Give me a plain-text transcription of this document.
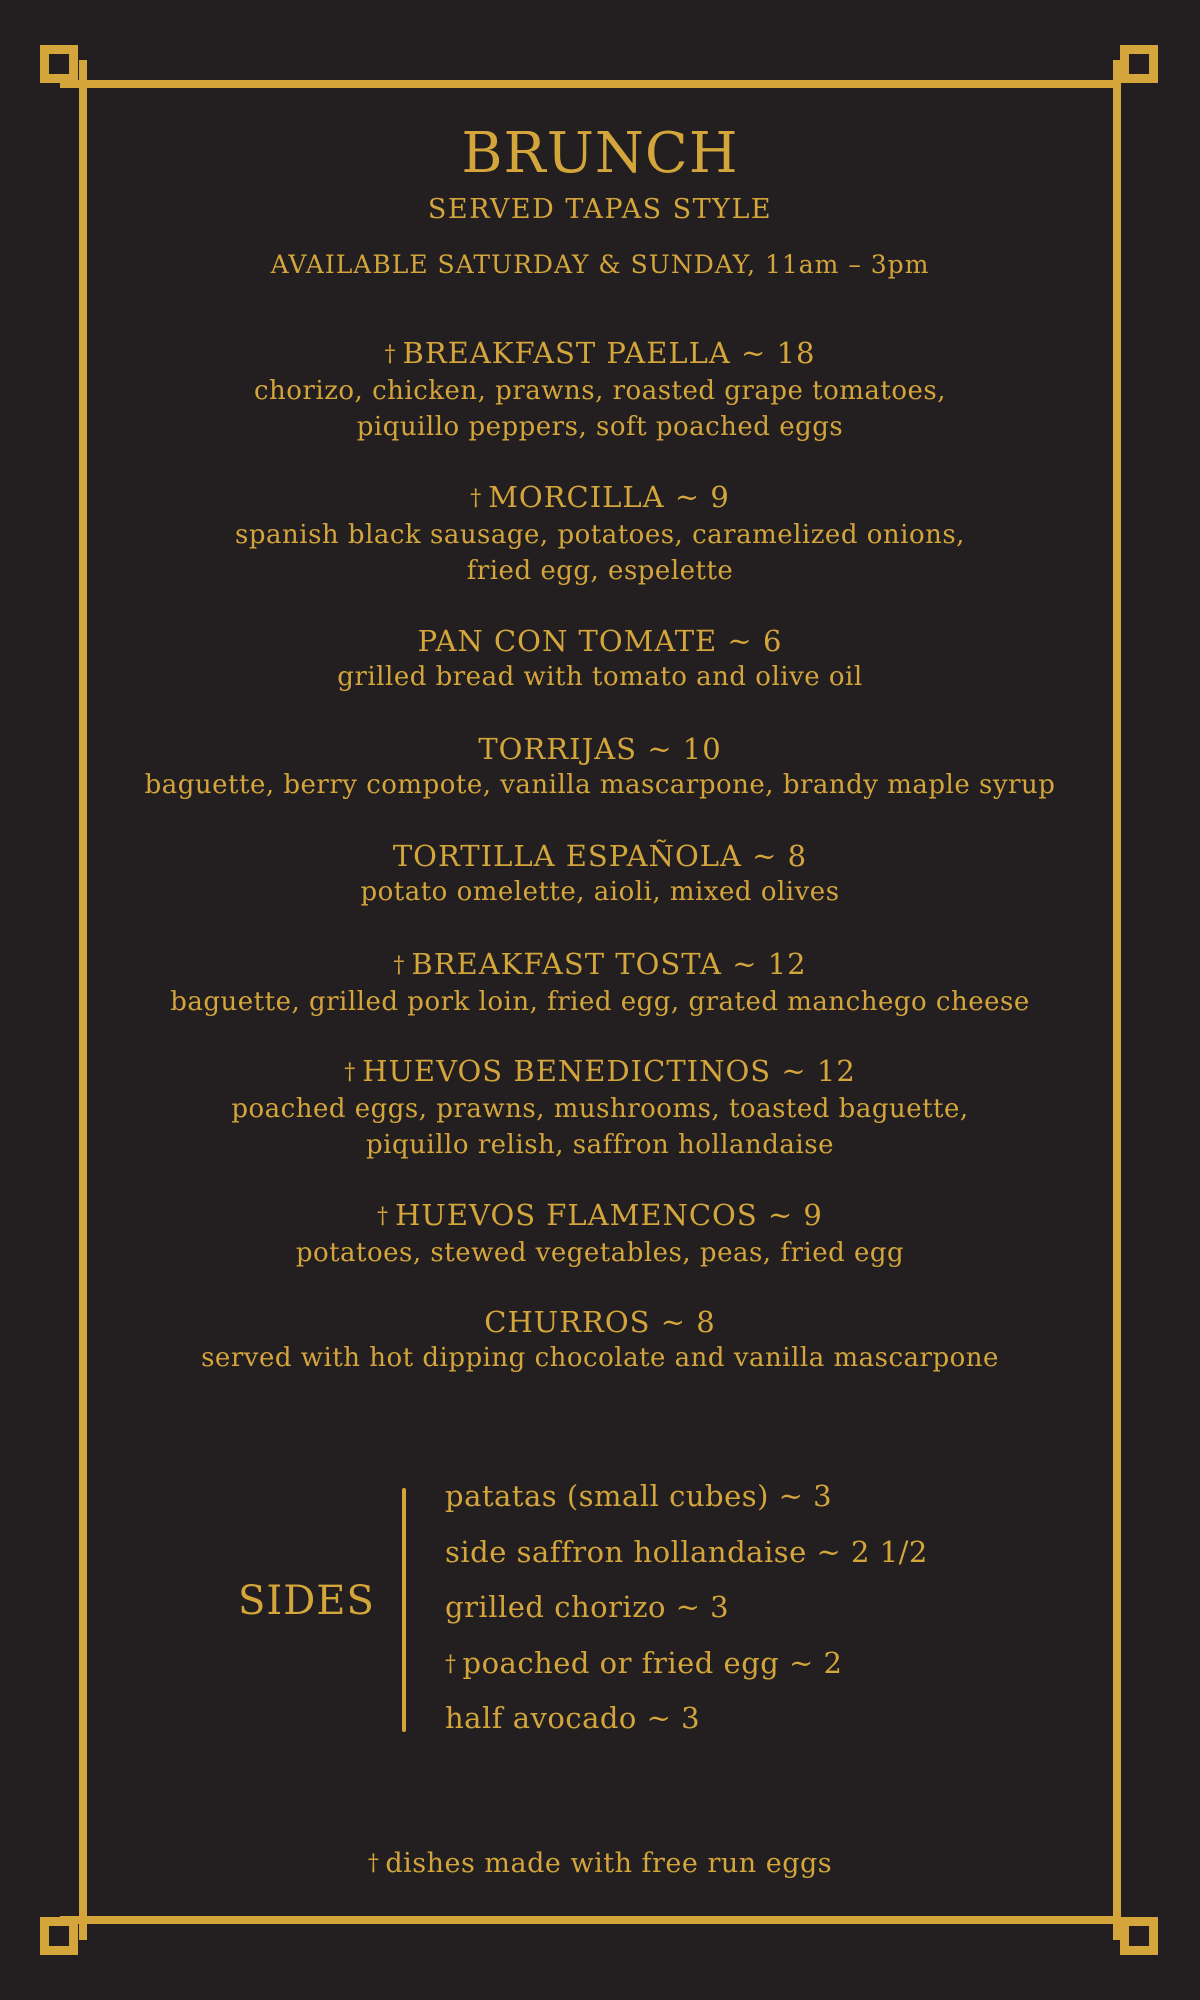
BRUNCH
SERVED TAPAS STYLE
AVAILABLE SATURDAY & SUNDAY, 11am – 3pm
† BREAKFAST PAELLA ~ 18
chorizo, chicken, prawns, roasted grape tomatoes,
piquillo peppers, soft poached eggs
† MORCILLA ~ 9
spanish black sausage, potatoes, caramelized onions,
fried egg, espelette
PAN CON TOMATE ~ 6
grilled bread with tomato and olive oil
TORRIJAS ~ 10
baguette, berry compote, vanilla mascarpone, brandy maple syrup
TORTILLA ESPAÑOLA ~ 8
potato omelette, aioli, mixed olives
† BREAKFAST TOSTA ~ 12
baguette, grilled pork loin, fried egg, grated manchego cheese
† HUEVOS BENEDICTINOS ~ 12
poached eggs, prawns, mushrooms, toasted baguette,
piquillo relish, saffron hollandaise
† HUEVOS FLAMENCOS ~ 9
potatoes, stewed vegetables, peas, fried egg
CHURROS ~ 8
served with hot dipping chocolate and vanilla mascarpone
SIDES
patatas (small cubes) ~ 3
side saffron hollandaise ~ 2 1/2
grilled chorizo ~ 3
† poached or fried egg ~ 2
half avocado ~ 3
† dishes made with free run eggs
